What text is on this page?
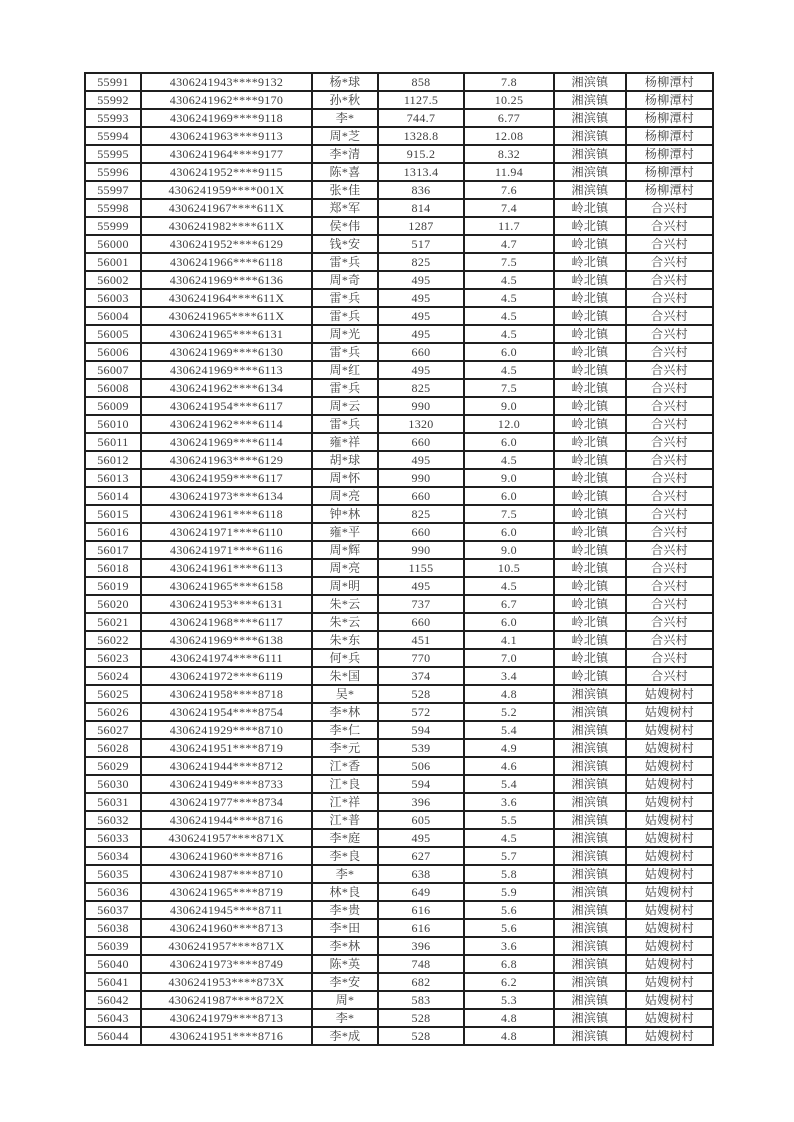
55991	4306241943****9132	杨*球	858	7.8	湘滨镇	杨柳潭村
55992	4306241962****9170	孙*秋	1127.5	10.25	湘滨镇	杨柳潭村
55993	4306241969****9118	李*	744.7	6.77	湘滨镇	杨柳潭村
55994	4306241963****9113	周*芝	1328.8	12.08	湘滨镇	杨柳潭村
55995	4306241964****9177	李*清	915.2	8.32	湘滨镇	杨柳潭村
55996	4306241952****9115	陈*喜	1313.4	11.94	湘滨镇	杨柳潭村
55997	4306241959****001X	张*佳	836	7.6	湘滨镇	杨柳潭村
55998	4306241967****611X	郑*军	814	7.4	岭北镇	合兴村
55999	4306241982****611X	侯*伟	1287	11.7	岭北镇	合兴村
56000	4306241952****6129	钱*安	517	4.7	岭北镇	合兴村
56001	4306241966****6118	雷*兵	825	7.5	岭北镇	合兴村
56002	4306241969****6136	周*奇	495	4.5	岭北镇	合兴村
56003	4306241964****611X	雷*兵	495	4.5	岭北镇	合兴村
56004	4306241965****611X	雷*兵	495	4.5	岭北镇	合兴村
56005	4306241965****6131	周*光	495	4.5	岭北镇	合兴村
56006	4306241969****6130	雷*兵	660	6.0	岭北镇	合兴村
56007	4306241969****6113	周*红	495	4.5	岭北镇	合兴村
56008	4306241962****6134	雷*兵	825	7.5	岭北镇	合兴村
56009	4306241954****6117	周*云	990	9.0	岭北镇	合兴村
56010	4306241962****6114	雷*兵	1320	12.0	岭北镇	合兴村
56011	4306241969****6114	雍*祥	660	6.0	岭北镇	合兴村
56012	4306241963****6129	胡*球	495	4.5	岭北镇	合兴村
56013	4306241959****6117	周*怀	990	9.0	岭北镇	合兴村
56014	4306241973****6134	周*亮	660	6.0	岭北镇	合兴村
56015	4306241961****6118	钟*林	825	7.5	岭北镇	合兴村
56016	4306241971****6110	雍*平	660	6.0	岭北镇	合兴村
56017	4306241971****6116	周*辉	990	9.0	岭北镇	合兴村
56018	4306241961****6113	周*亮	1155	10.5	岭北镇	合兴村
56019	4306241965****6158	周*明	495	4.5	岭北镇	合兴村
56020	4306241953****6131	朱*云	737	6.7	岭北镇	合兴村
56021	4306241968****6117	朱*云	660	6.0	岭北镇	合兴村
56022	4306241969****6138	朱*东	451	4.1	岭北镇	合兴村
56023	4306241974****6111	何*兵	770	7.0	岭北镇	合兴村
56024	4306241972****6119	朱*国	374	3.4	岭北镇	合兴村
56025	4306241958****8718	吴*	528	4.8	湘滨镇	姑嫂树村
56026	4306241954****8754	李*林	572	5.2	湘滨镇	姑嫂树村
56027	4306241929****8710	李*仁	594	5.4	湘滨镇	姑嫂树村
56028	4306241951****8719	李*元	539	4.9	湘滨镇	姑嫂树村
56029	4306241944****8712	江*香	506	4.6	湘滨镇	姑嫂树村
56030	4306241949****8733	江*良	594	5.4	湘滨镇	姑嫂树村
56031	4306241977****8734	江*祥	396	3.6	湘滨镇	姑嫂树村
56032	4306241944****8716	江*普	605	5.5	湘滨镇	姑嫂树村
56033	4306241957****871X	李*庭	495	4.5	湘滨镇	姑嫂树村
56034	4306241960****8716	李*良	627	5.7	湘滨镇	姑嫂树村
56035	4306241987****8710	李*	638	5.8	湘滨镇	姑嫂树村
56036	4306241965****8719	林*良	649	5.9	湘滨镇	姑嫂树村
56037	4306241945****8711	李*贵	616	5.6	湘滨镇	姑嫂树村
56038	4306241960****8713	李*田	616	5.6	湘滨镇	姑嫂树村
56039	4306241957****871X	李*林	396	3.6	湘滨镇	姑嫂树村
56040	4306241973****8749	陈*英	748	6.8	湘滨镇	姑嫂树村
56041	4306241953****873X	李*安	682	6.2	湘滨镇	姑嫂树村
56042	4306241987****872X	周*	583	5.3	湘滨镇	姑嫂树村
56043	4306241979****8713	李*	528	4.8	湘滨镇	姑嫂树村
56044	4306241951****8716	李*成	528	4.8	湘滨镇	姑嫂树村
